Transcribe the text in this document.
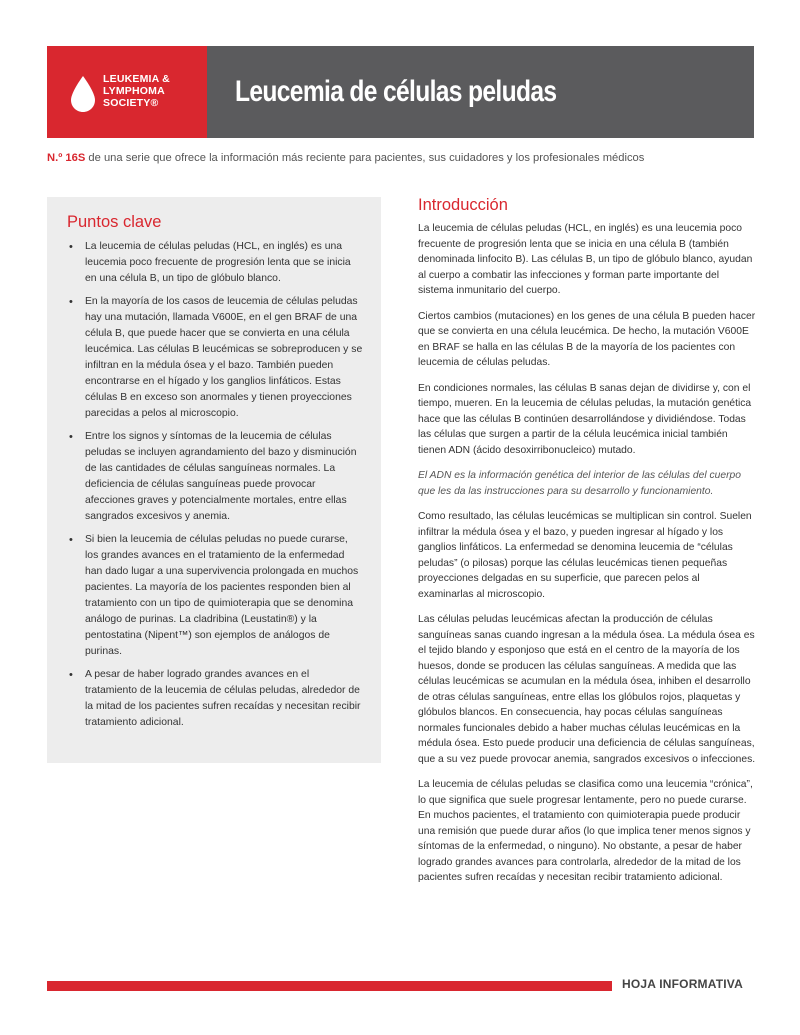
LEUKEMIA &
LYMPHOMA
SOCIETY®	Leucemia de células peludas
N.º 16S de una serie que ofrece la información más reciente para pacientes, sus cuidadores y los profesionales médicos
Puntos clave
• La leucemia de células peludas (HCL, en inglés) es una leucemia poco frecuente de progresión lenta que se inicia en una célula B, un tipo de glóbulo blanco.
• En la mayoría de los casos de leucemia de células peludas hay una mutación, llamada V600E, en el gen BRAF de una célula B, que puede hacer que se convierta en una célula leucémica. Las células B leucémicas se sobreproducen y se infiltran en la médula ósea y el bazo. También pueden encontrarse en el hígado y los ganglios linfáticos. Estas células B en exceso son anormales y tienen proyecciones parecidas a pelos al microscopio.
• Entre los signos y síntomas de la leucemia de células peludas se incluyen agrandamiento del bazo y disminución de las cantidades de células sanguíneas normales. La deficiencia de células sanguíneas puede provocar afecciones graves y potencialmente mortales, entre ellas sangrados excesivos y anemia.
• Si bien la leucemia de células peludas no puede curarse, los grandes avances en el tratamiento de la enfermedad han dado lugar a una supervivencia prolongada en muchos pacientes. La mayoría de los pacientes responden bien al tratamiento con un tipo de quimioterapia que se denomina análogo de purinas. La cladribina (Leustatin®) y la pentostatina (Nipent™) son ejemplos de análogos de purinas.
• A pesar de haber logrado grandes avances en el tratamiento de la leucemia de células peludas, alrededor de la mitad de los pacientes sufren recaídas y necesitan recibir tratamiento adicional.
Introducción

La leucemia de células peludas (HCL, en inglés) es una leucemia poco frecuente de progresión lenta que se inicia en una célula B (también denominada linfocito B). Las células B, un tipo de glóbulo blanco, ayudan al cuerpo a combatir las infecciones y forman parte importante del sistema inmunitario del cuerpo.

Ciertos cambios (mutaciones) en los genes de una célula B pueden hacer que se convierta en una célula leucémica. De hecho, la mutación V600E en BRAF se halla en las células B de la mayoría de los pacientes con leucemia de células peludas.

En condiciones normales, las células B sanas dejan de dividirse y, con el tiempo, mueren. En la leucemia de células peludas, la mutación genética hace que las células B continúen desarrollándose y dividiéndose. Todas las células que surgen a partir de la célula leucémica inicial también tienen ADN (ácido desoxirribonucleico) mutado.

El ADN es la información genética del interior de las células del cuerpo que les da las instrucciones para su desarrollo y funcionamiento.

Como resultado, las células leucémicas se multiplican sin control. Suelen infiltrar la médula ósea y el bazo, y pueden ingresar al hígado y los ganglios linfáticos. La enfermedad se denomina leucemia de “células peludas” (o pilosas) porque las células leucémicas tienen pequeñas proyecciones delgadas en su superficie, que parecen pelos al examinarlas al microscopio.

Las células peludas leucémicas afectan la producción de células sanguíneas sanas cuando ingresan a la médula ósea. La médula ósea es el tejido blando y esponjoso que está en el centro de la mayoría de los huesos, donde se producen las células sanguíneas. A medida que las células leucémicas se acumulan en la médula ósea, inhiben el desarrollo de otras células sanguíneas, entre ellas los glóbulos rojos, plaquetas y glóbulos blancos. En consecuencia, hay pocas células sanguíneas normales funcionales debido a haber muchas células leucémicas en la médula ósea. Esto puede producir una deficiencia de células sanguíneas, que a su vez puede provocar anemia, sangrados excesivos o infecciones.

La leucemia de células peludas se clasifica como una leucemia “crónica”, lo que significa que suele progresar lentamente, pero no puede curarse. En muchos pacientes, el tratamiento con quimioterapia puede producir una remisión que puede durar años (lo que implica tener menos signos y síntomas de la enfermedad, o ninguno). No obstante, a pesar de haber logrado grandes avances para controlarla, alrededor de la mitad de los pacientes sufren recaídas y necesitan recibir tratamiento adicional.

HOJA INFORMATIVA
